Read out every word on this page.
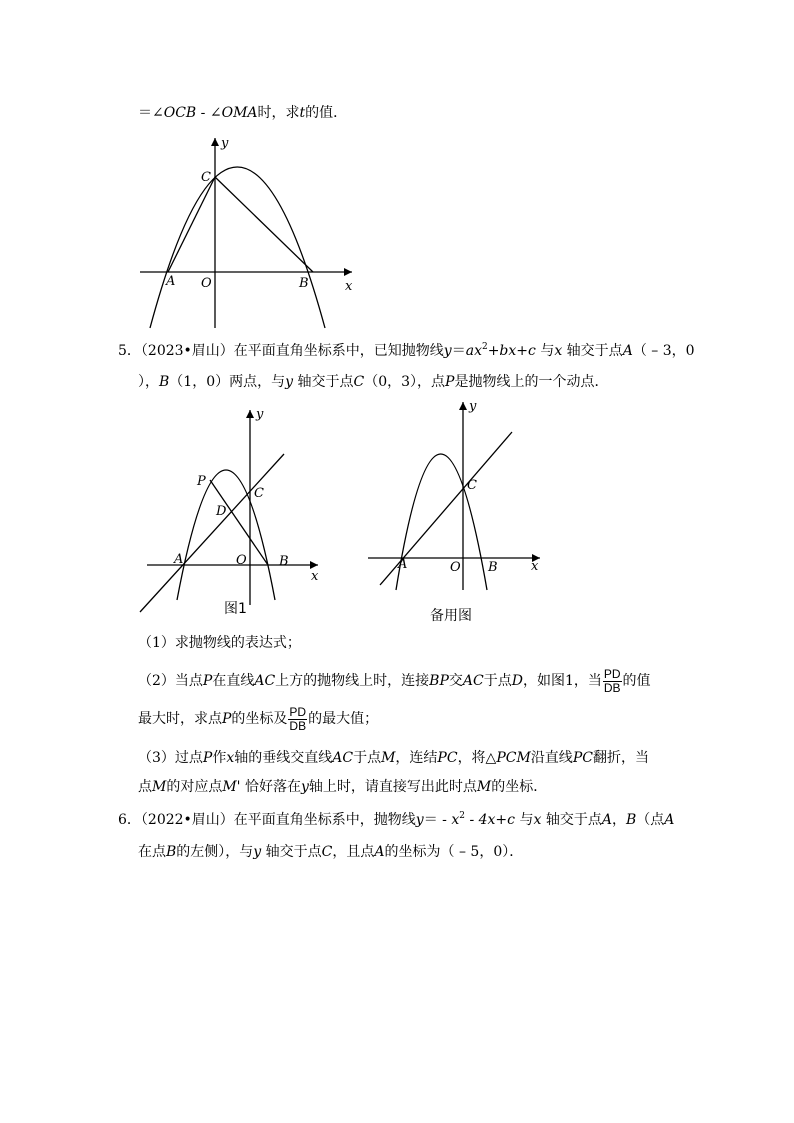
＝∠OCB - ∠OMA时，求t的值．
y
C
A O	B	x
5．（2023•眉山）在平面直角坐标系中，已知抛物线$y=ax^2+bx+c$ 与x 轴交于点A（ – 3，0
），B（1，0）两点，与y 轴交于点C（0，3），点P是抛物线上的一个动点．
y
P
C
D
A	O B
x
图1
y
C
A	O B	x
备用图
（1）求抛物线的表达式；
（2）当点P在直线AC上方的抛物线上时，连接BP交AC于点D，如图1，当 $\frac{PD}{DB}$ 的值
最大时，求点P的坐标及 $\frac{PD}{DB}$ 的最大值；
（3）过点P作x轴的垂线交直线AC于点M，连结PC，将△PCM沿直线PC翻折，当
点M的对应点M' 恰好落在y轴上时，请直接写出此时点M的坐标．
6．（2022•眉山）在平面直角坐标系中，抛物线$y= - x^2 - 4x+c$ 与x 轴交于点A，B（点A
在点B的左侧），与y 轴交于点C，且点A的坐标为（ – 5，0）．
